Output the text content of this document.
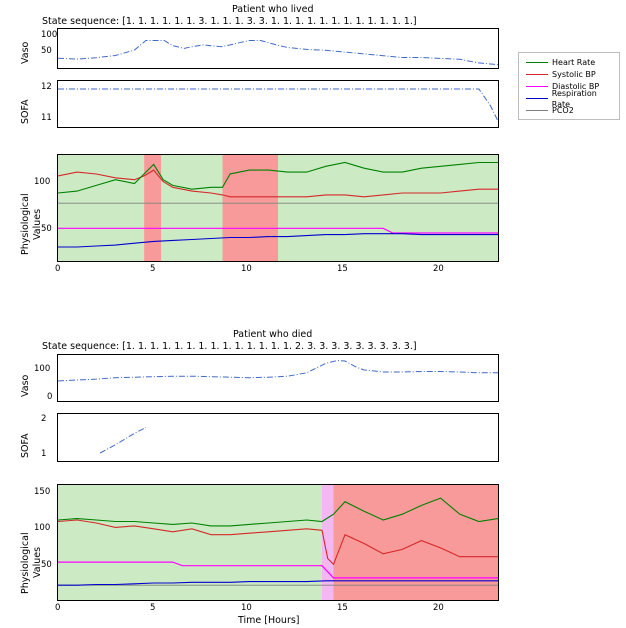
Patient who lived
State sequence: [1. 1. 1. 1. 1. 1. 3. 1. 1. 1. 3. 3. 1. 1. 1. 1. 1. 1. 1. 1. 1. 1. 1. 1.]
100
50
Vaso
12
11
SOFA
100
50
Physiological Values
0	5	10	15	20
Heart Rate
Systolic BP
Diastolic BP
Respiration Rate
PCO2
Patient who died
State sequence: [1. 1. 1. 1. 1. 1. 1. 1. 1. 1. 1. 1. 1. 1. 2. 3. 3. 3. 3. 3. 3. 3. 3. 3.]
100
0
Vaso
2
1
SOFA
150
100
50
Physiological Values
0	5	10	15	20
Time [Hours]
